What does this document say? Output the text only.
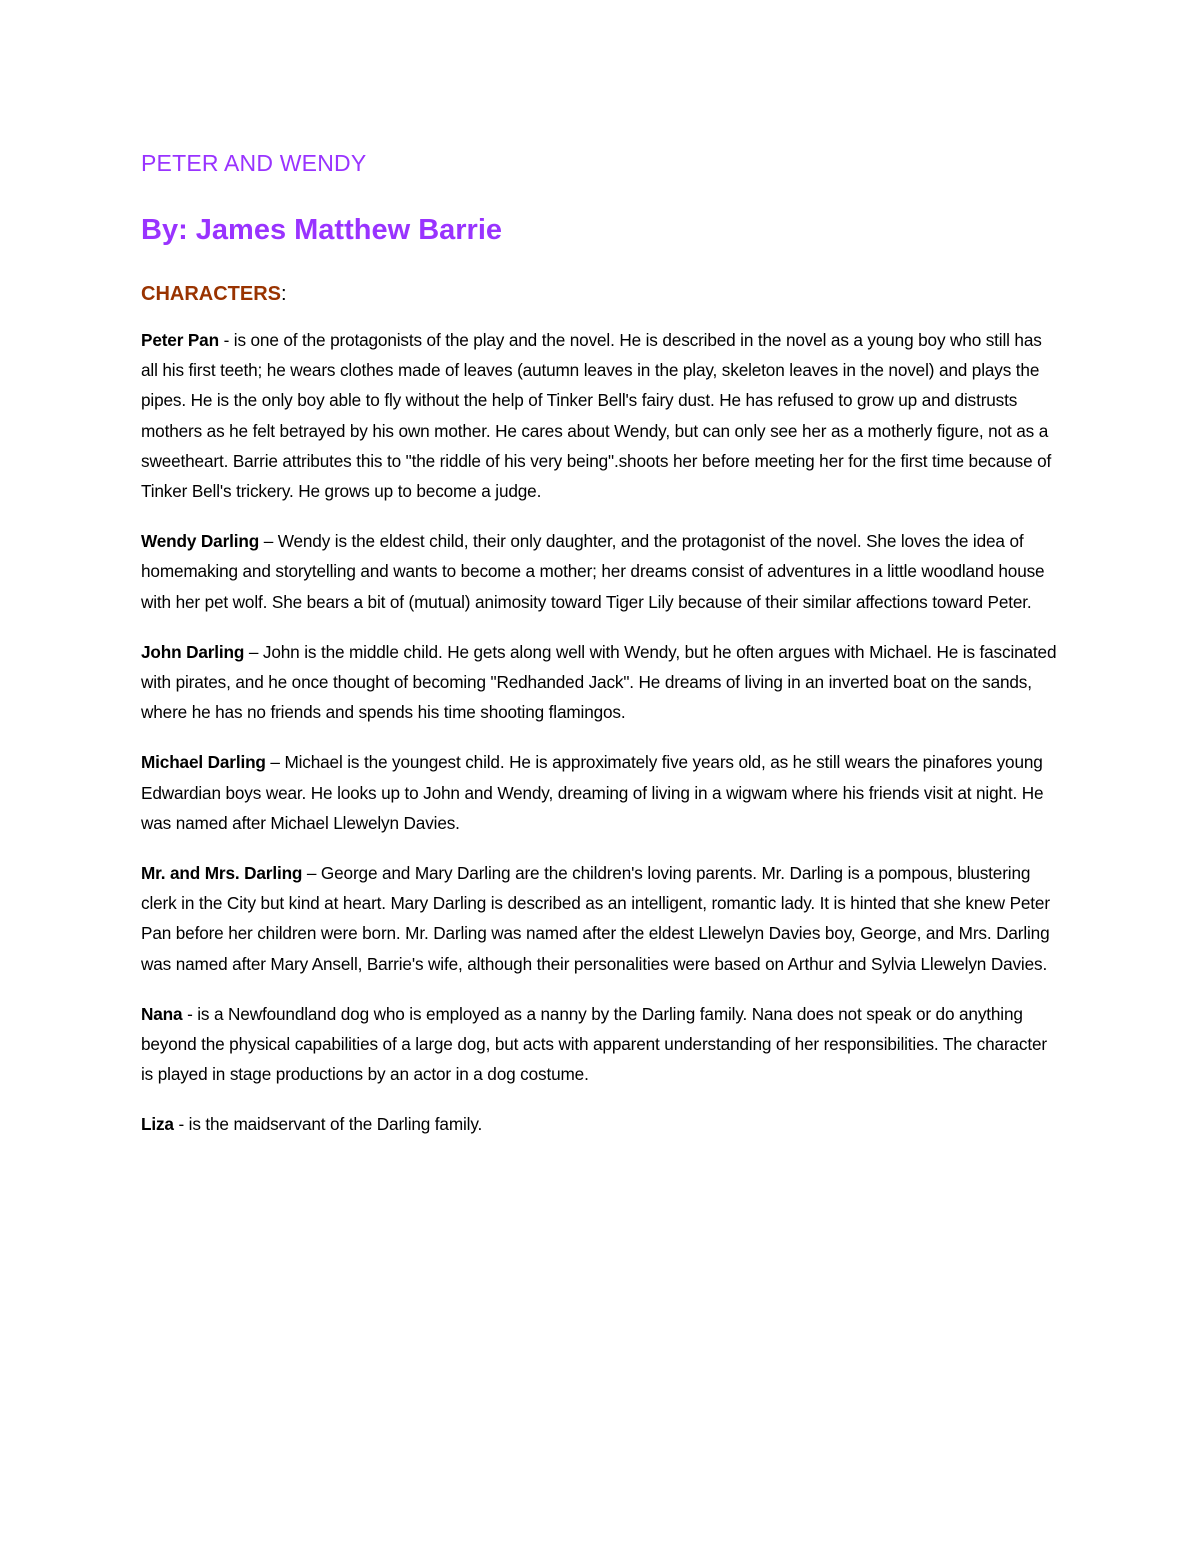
PETER AND WENDY
By: James Matthew Barrie
CHARACTERS:

Peter Pan - is one of the protagonists of the play and the novel. He is described in the novel as a young boy who still has all his first teeth; he wears clothes made of leaves (autumn leaves in the play, skeleton leaves in the novel) and plays the pipes. He is the only boy able to fly without the help of Tinker Bell's fairy dust. He has refused to grow up and distrusts mothers as he felt betrayed by his own mother. He cares about Wendy, but can only see her as a motherly figure, not as a sweetheart. Barrie attributes this to "the riddle of his very being".shoots her before meeting her for the first time because of Tinker Bell's trickery. He grows up to become a judge.

Wendy Darling – Wendy is the eldest child, their only daughter, and the protagonist of the novel. She loves the idea of homemaking and storytelling and wants to become a mother; her dreams consist of adventures in a little woodland house with her pet wolf. She bears a bit of (mutual) animosity toward Tiger Lily because of their similar affections toward Peter.

John Darling – John is the middle child. He gets along well with Wendy, but he often argues with Michael. He is fascinated with pirates, and he once thought of becoming "Redhanded Jack". He dreams of living in an inverted boat on the sands, where he has no friends and spends his time shooting flamingos.

Michael Darling – Michael is the youngest child. He is approximately five years old, as he still wears the pinafores young Edwardian boys wear. He looks up to John and Wendy, dreaming of living in a wigwam where his friends visit at night. He was named after Michael Llewelyn Davies.

Mr. and Mrs. Darling – George and Mary Darling are the children's loving parents. Mr. Darling is a pompous, blustering clerk in the City but kind at heart. Mary Darling is described as an intelligent, romantic lady. It is hinted that she knew Peter Pan before her children were born. Mr. Darling was named after the eldest Llewelyn Davies boy, George, and Mrs. Darling was named after Mary Ansell, Barrie's wife, although their personalities were based on Arthur and Sylvia Llewelyn Davies.

Nana - is a Newfoundland dog who is employed as a nanny by the Darling family. Nana does not speak or do anything beyond the physical capabilities of a large dog, but acts with apparent understanding of her responsibilities. The character is played in stage productions by an actor in a dog costume.

Liza - is the maidservant of the Darling family.
